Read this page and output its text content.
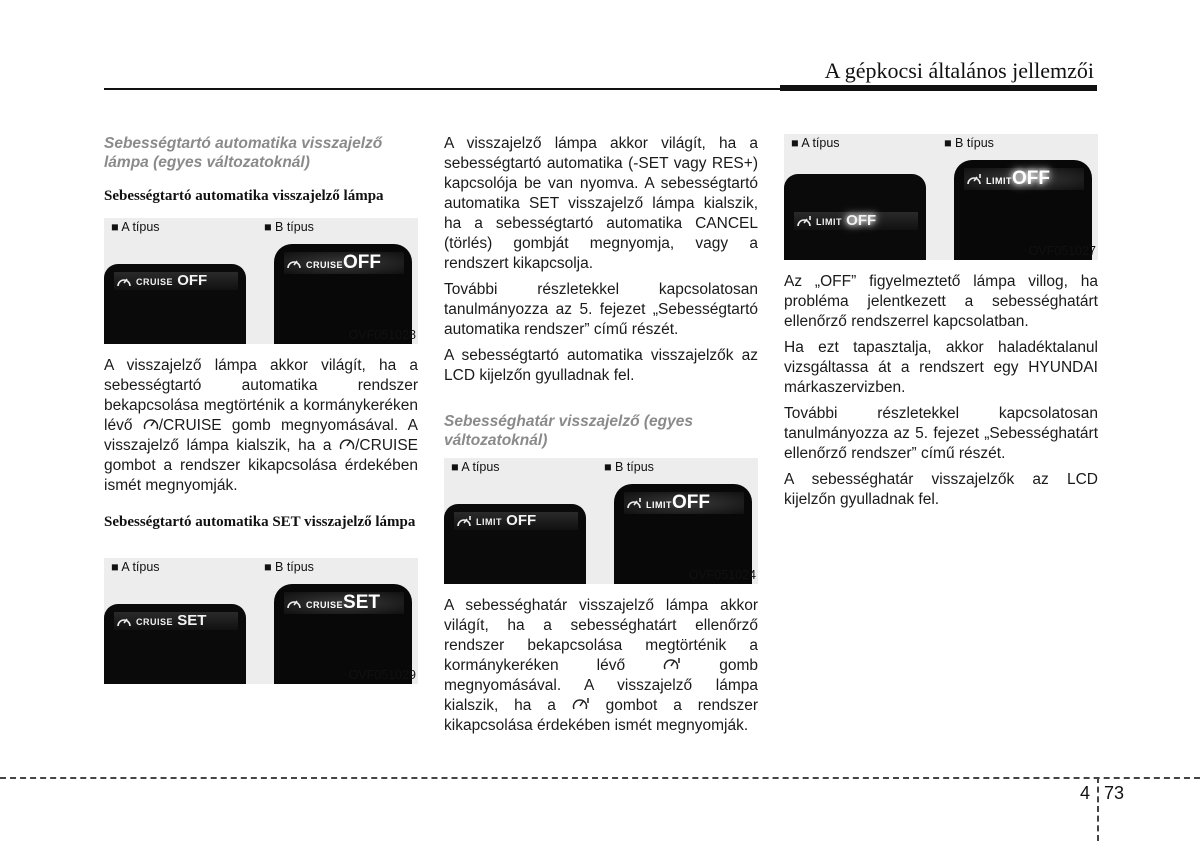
A gépkocsi általános jellemzői

Sebességtartó automatika visszajelző lámpa (egyes változatoknál)

Sebességtartó automatika visszajelző lámpa

■ A típus	■ B típus
CRUISE OFF
CRUISEOFF
OVF051028

A visszajelző lámpa akkor világít, ha a sebességtartó automatika rendszer bekapcsolása megtörténik a kormánykeréken lévő /CRUISE gomb megnyomásával. A visszajelző lámpa kialszik, ha a /CRUISE gombot a rendszer kikapcsolása érdekében ismét megnyomják.

Sebességtartó automatika SET visszajelző lámpa

■ A típus	■ B típus
CRUISE SET
CRUISESET
OVF051029

A visszajelző lámpa akkor világít, ha a sebességtartó automatika (-SET vagy RES+) kapcsolója be van nyomva. A sebességtartó automatika SET visszajelző lámpa kialszik, ha a sebességtartó automatika CANCEL (törlés) gombját megnyomja, vagy a rendszert kikapcsolja.

További részletekkel kapcsolatosan tanulmányozza az 5. fejezet „Sebességtartó automatika rendszer” című részét.

A sebességtartó automatika visszajelzők az LCD kijelzőn gyulladnak fel.

Sebességhatár visszajelző (egyes változatoknál)

■ A típus	■ B típus
LIMIT OFF
LIMITOFF
OVF051024

A sebességhatár visszajelző lámpa akkor világít, ha a sebességhatárt ellenőrző rendszer bekapcsolása megtörténik a kormánykeréken lévő  gomb megnyomásával. A visszajelző lámpa kialszik, ha a  gombot a rendszer kikapcsolása érdekében ismét megnyomják.

■ A típus	■ B típus
LIMIT OFF
LIMITOFF
OVF051027

Az „OFF” figyelmeztető lámpa villog, ha probléma jelentkezett a sebességhatárt ellenőrző rendszerrel kapcsolatban.

Ha ezt tapasztalja, akkor haladéktalanul vizsgáltassa át a rendszert egy HYUNDAI márkaszervizben.

További részletekkel kapcsolatosan tanulmányozza az 5. fejezet „Sebességhatárt ellenőrző rendszer” című részét.

A sebességhatár visszajelzők az LCD kijelzőn gyulladnak fel.

4 73
